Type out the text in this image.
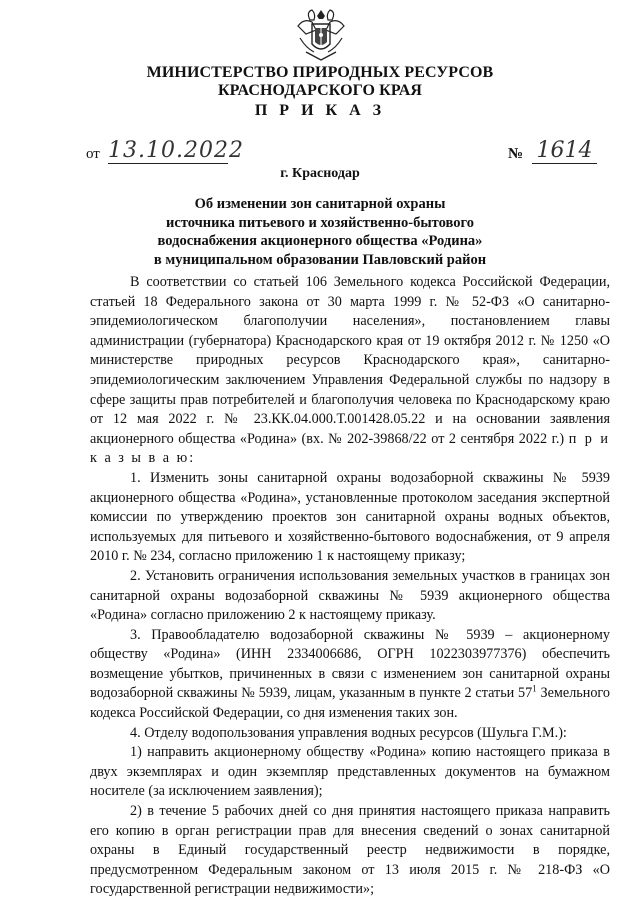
МИНИСТЕРСТВО ПРИРОДНЫХ РЕСУРСОВ
КРАСНОДАРСКОГО КРАЯ
П Р И К А З
от 13.10.2022	№ 1614
г. Краснодар
Об изменении зон санитарной охраны
источника питьевого и хозяйственно-бытового
водоснабжения акционерного общества «Родина»
в муниципальном образовании Павловский район

В соответствии со статьей 106 Земельного кодекса Российской Федерации, статьей 18 Федерального закона от 30 марта 1999 г. № 52-ФЗ «О санитарно-эпидемиологическом благополучии населения», постановлением главы администрации (губернатора) Краснодарского края от 19 октября 2012 г. № 1250 «О министерстве природных ресурсов Краснодарского края», санитарно-эпидемиологическим заключением Управления Федеральной службы по надзору в сфере защиты прав потребителей и благополучия человека по Краснодарскому краю от 12 мая 2022 г. № 23.КК.04.000.Т.001428.05.22 и на основании заявления акционерного общества «Родина» (вх. № 202-39868/22 от 2 сентября 2022 г.) п р и к а з ы в а ю:

1. Изменить зоны санитарной охраны водозаборной скважины № 5939 акционерного общества «Родина», установленные протоколом заседания экспертной комиссии по утверждению проектов зон санитарной охраны водных объектов, используемых для питьевого и хозяйственно-бытового водоснабжения, от 9 апреля 2010 г. № 234, согласно приложению 1 к настоящему приказу;

2. Установить ограничения использования земельных участков в границах зон санитарной охраны водозаборной скважины № 5939 акционерного общества «Родина» согласно приложению 2 к настоящему приказу.

3. Правообладателю водозаборной скважины № 5939 – акционерному обществу «Родина» (ИНН 2334006686, ОГРН 1022303977376) обеспечить возмещение убытков, причиненных в связи с изменением зон санитарной охраны водозаборной скважины № 5939, лицам, указанным в пункте 2 статьи $57^1$ Земельного кодекса Российской Федерации, со дня изменения таких зон.

4. Отделу водопользования управления водных ресурсов (Шульга Г.М.):

1) направить акционерному обществу «Родина» копию настоящего приказа в двух экземплярах и один экземпляр представленных документов на бумажном носителе (за исключением заявления);

2) в течение 5 рабочих дней со дня принятия настоящего приказа направить его копию в орган регистрации прав для внесения сведений о зонах санитарной охраны в Единый государственный реестр недвижимости в порядке, предусмотренном Федеральным законом от 13 июля 2015 г. № 218-ФЗ «О государственной регистрации недвижимости»;
